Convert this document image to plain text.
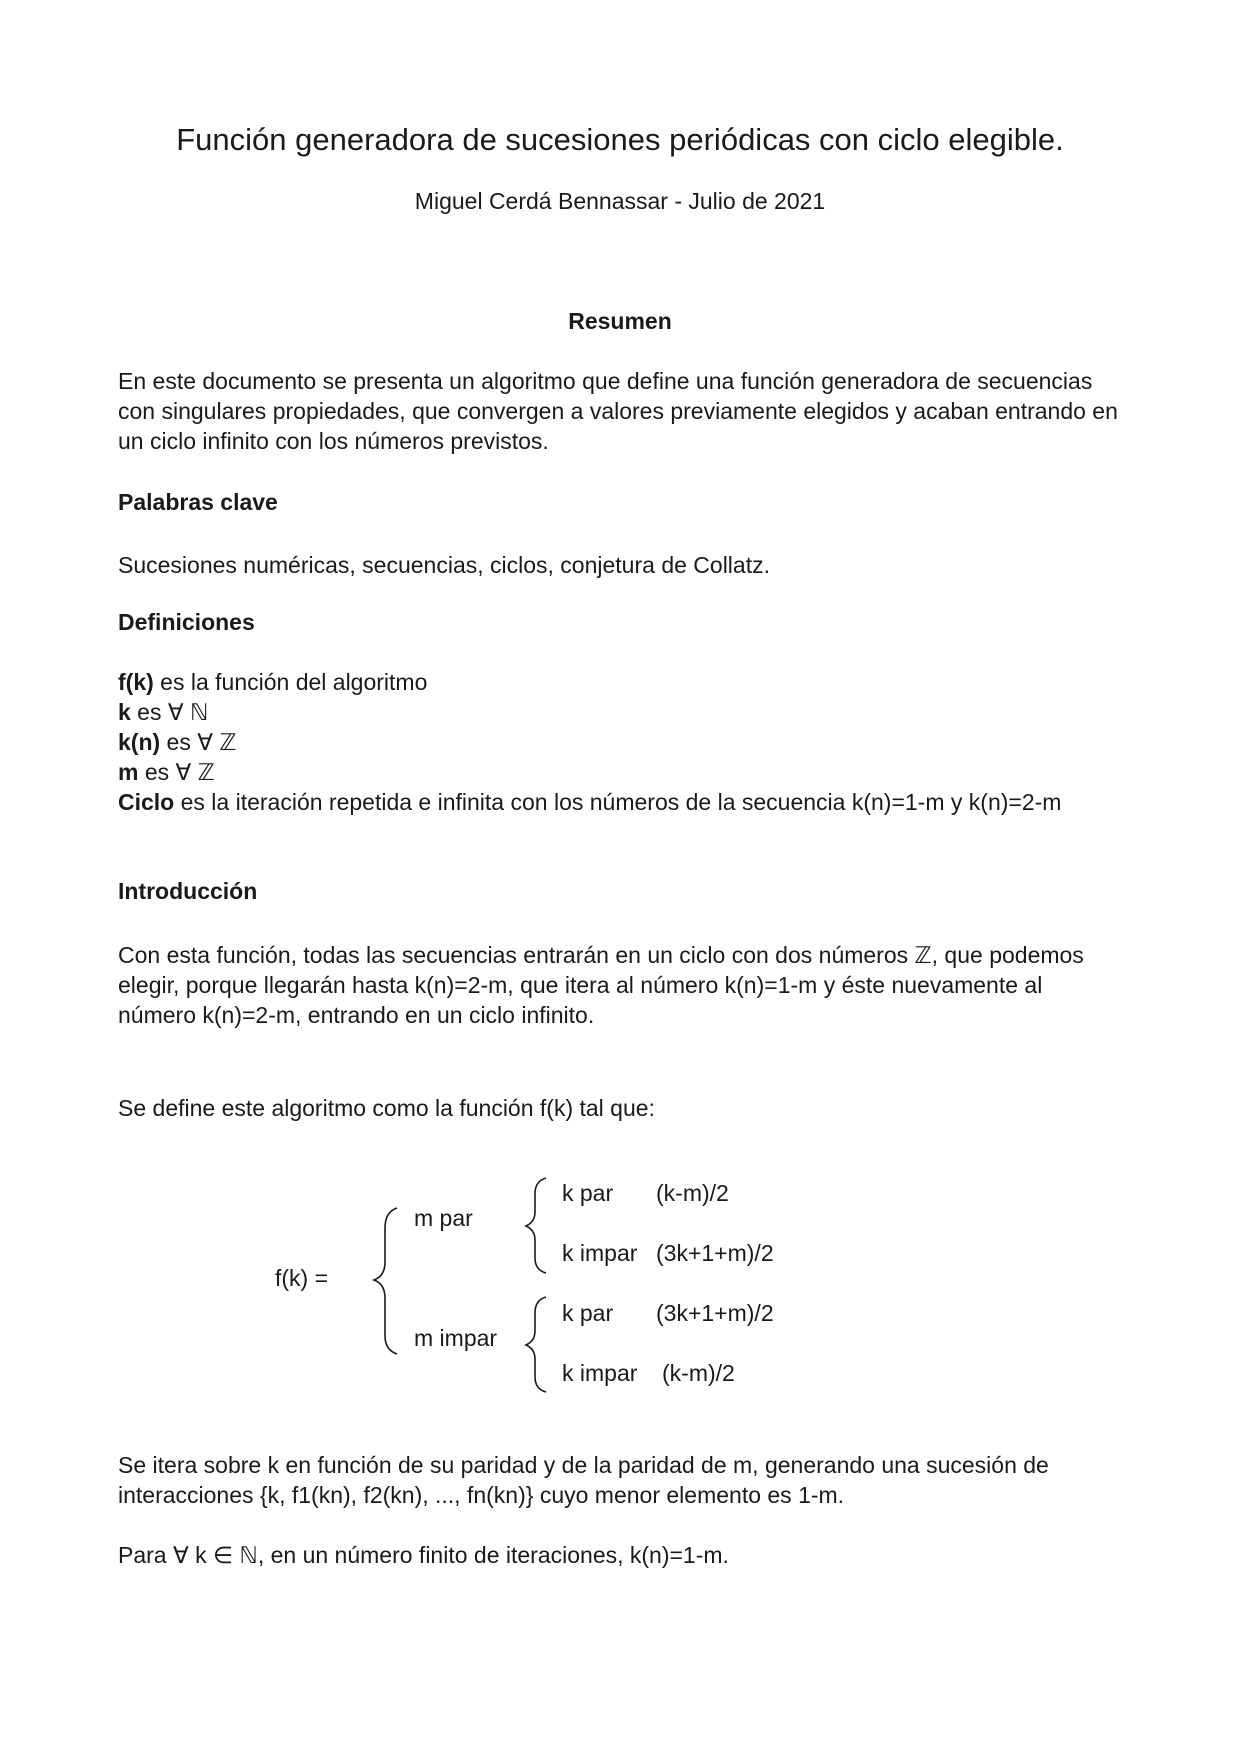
Función generadora de sucesiones periódicas con ciclo elegible.
Miguel Cerdá Bennassar - Julio de 2021
Resumen

En este documento se presenta un algoritmo que define una función generadora de secuencias con singulares propiedades, que convergen a valores previamente elegidos y acaban entrando en un ciclo infinito con los números previstos.

Palabras clave

Sucesiones numéricas, secuencias, ciclos, conjetura de Collatz.

Definiciones
f(k) es la función del algoritmo
k es ∀ ℕ
k(n) es ∀ ℤ
m es ∀ ℤ
Ciclo es la iteración repetida e infinita con los números de la secuencia k(n)=1-m y k(n)=2-m
Introducción

Con esta función, todas las secuencias entrarán en un ciclo con dos números ℤ, que podemos elegir, porque llegarán hasta k(n)=2-m, que itera al número k(n)=1-m y éste nuevamente al número k(n)=2-m, entrando en un ciclo infinito.

Se define este algoritmo como la función f(k) tal que:

f(k) =
m par
m impar
k par (k-m)/2
k impar (3k+1+m)/2
k par (3k+1+m)/2
k impar (k-m)/2

Se itera sobre k en función de su paridad y de la paridad de m, generando una sucesión de interacciones {k, f1(kn), f2(kn), ..., fn(kn)} cuyo menor elemento es 1-m.

Para ∀ k ∈ ℕ, en un número finito de iteraciones, k(n)=1-m.
